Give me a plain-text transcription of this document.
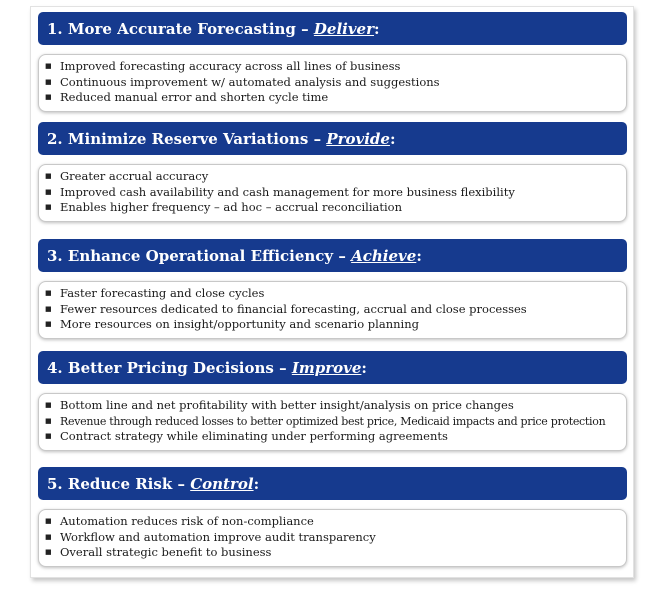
1.
More Accurate Forecasting
–
Deliver :
■ Improved forecasting accuracy across all lines of business
■ Continuous improvement w/ automated analysis and suggestions
■ Reduced manual error and shorten cycle time
2.
Minimize Reserve Variations
–
Provide :
■ Greater accrual accuracy
■ Improved cash availability and cash management for more business flexibility
■ Enables higher frequency – ad hoc – accrual reconciliation
3.
Enhance Operational Efficiency
–
Achieve :
■ Faster forecasting and close cycles
■ Fewer resources dedicated to financial forecasting, accrual and close processes
■ More resources on insight/opportunity and scenario planning
4.
Better Pricing Decisions
–
Improve :
■ Bottom line and net profitability with better insight/analysis on price changes
■ Revenue through reduced losses to better optimized best price, Medicaid impacts and price protection
■ Contract strategy while eliminating under performing agreements
5.
Reduce Risk
–
Control :
■ Automation reduces risk of non-compliance
■ Workflow and automation improve audit transparency
■ Overall strategic benefit to business
